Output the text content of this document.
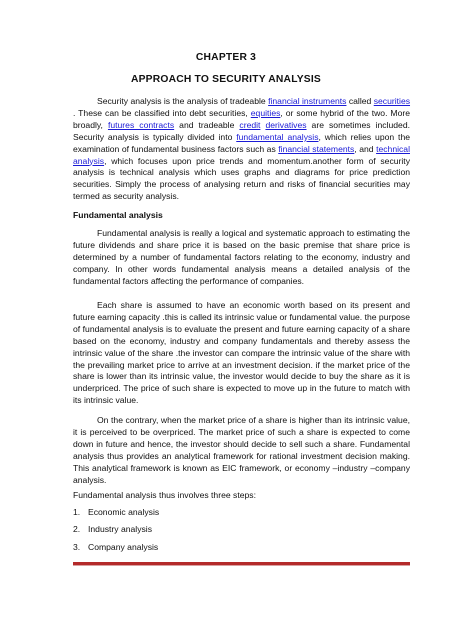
CHAPTER 3
APPROACH TO SECURITY ANALYSIS
Security analysis is the analysis of tradeable financial instruments called securities . These can be classified into debt securities, equities, or some hybrid of the two. More broadly, futures contracts and tradeable credit derivatives are sometimes included. Security analysis is typically divided into fundamental analysis, which relies upon the examination of fundamental business factors such as financial statements, and technical analysis, which focuses upon price trends and momentum.another form of security analysis is technical analysis which uses graphs and diagrams for price prediction securities. Simply the process of analysing return and risks of financial securities may termed as security analysis.
Fundamental analysis
Fundamental analysis is really a logical and systematic approach to estimating the future dividends and share price it is based on the basic premise that share price is determined by a number of fundamental factors relating to the economy, industry and company. In other words fundamental analysis means a detailed analysis of the fundamental factors affecting the performance of companies.
Each share is assumed to have an economic worth based on its present and future earning capacity .this is called its intrinsic value or fundamental value. the purpose of fundamental analysis is to evaluate the present and future earning capacity of a share based on the economy, industry and company fundamentals and thereby assess the intrinsic value of the share .the investor can compare the intrinsic value of the share with the prevailing market price to arrive at an investment decision. if the market price of the share is lower than its intrinsic value, the investor would decide to buy the share as it is underpriced. The price of such share is expected to move up in the future to match with its intrinsic value.
On the contrary, when the market price of a share is higher than its intrinsic value, it is perceived to be overpriced. The market price of such a share is expected to come down in future and hence, the investor should decide to sell such a share. Fundamental analysis thus provides an analytical framework for rational investment decision making. This analytical framework is known as EIC framework, or economy –industry –company analysis.
Fundamental analysis thus involves three steps:
1. Economic analysis
2. Industry analysis
3. Company analysis
